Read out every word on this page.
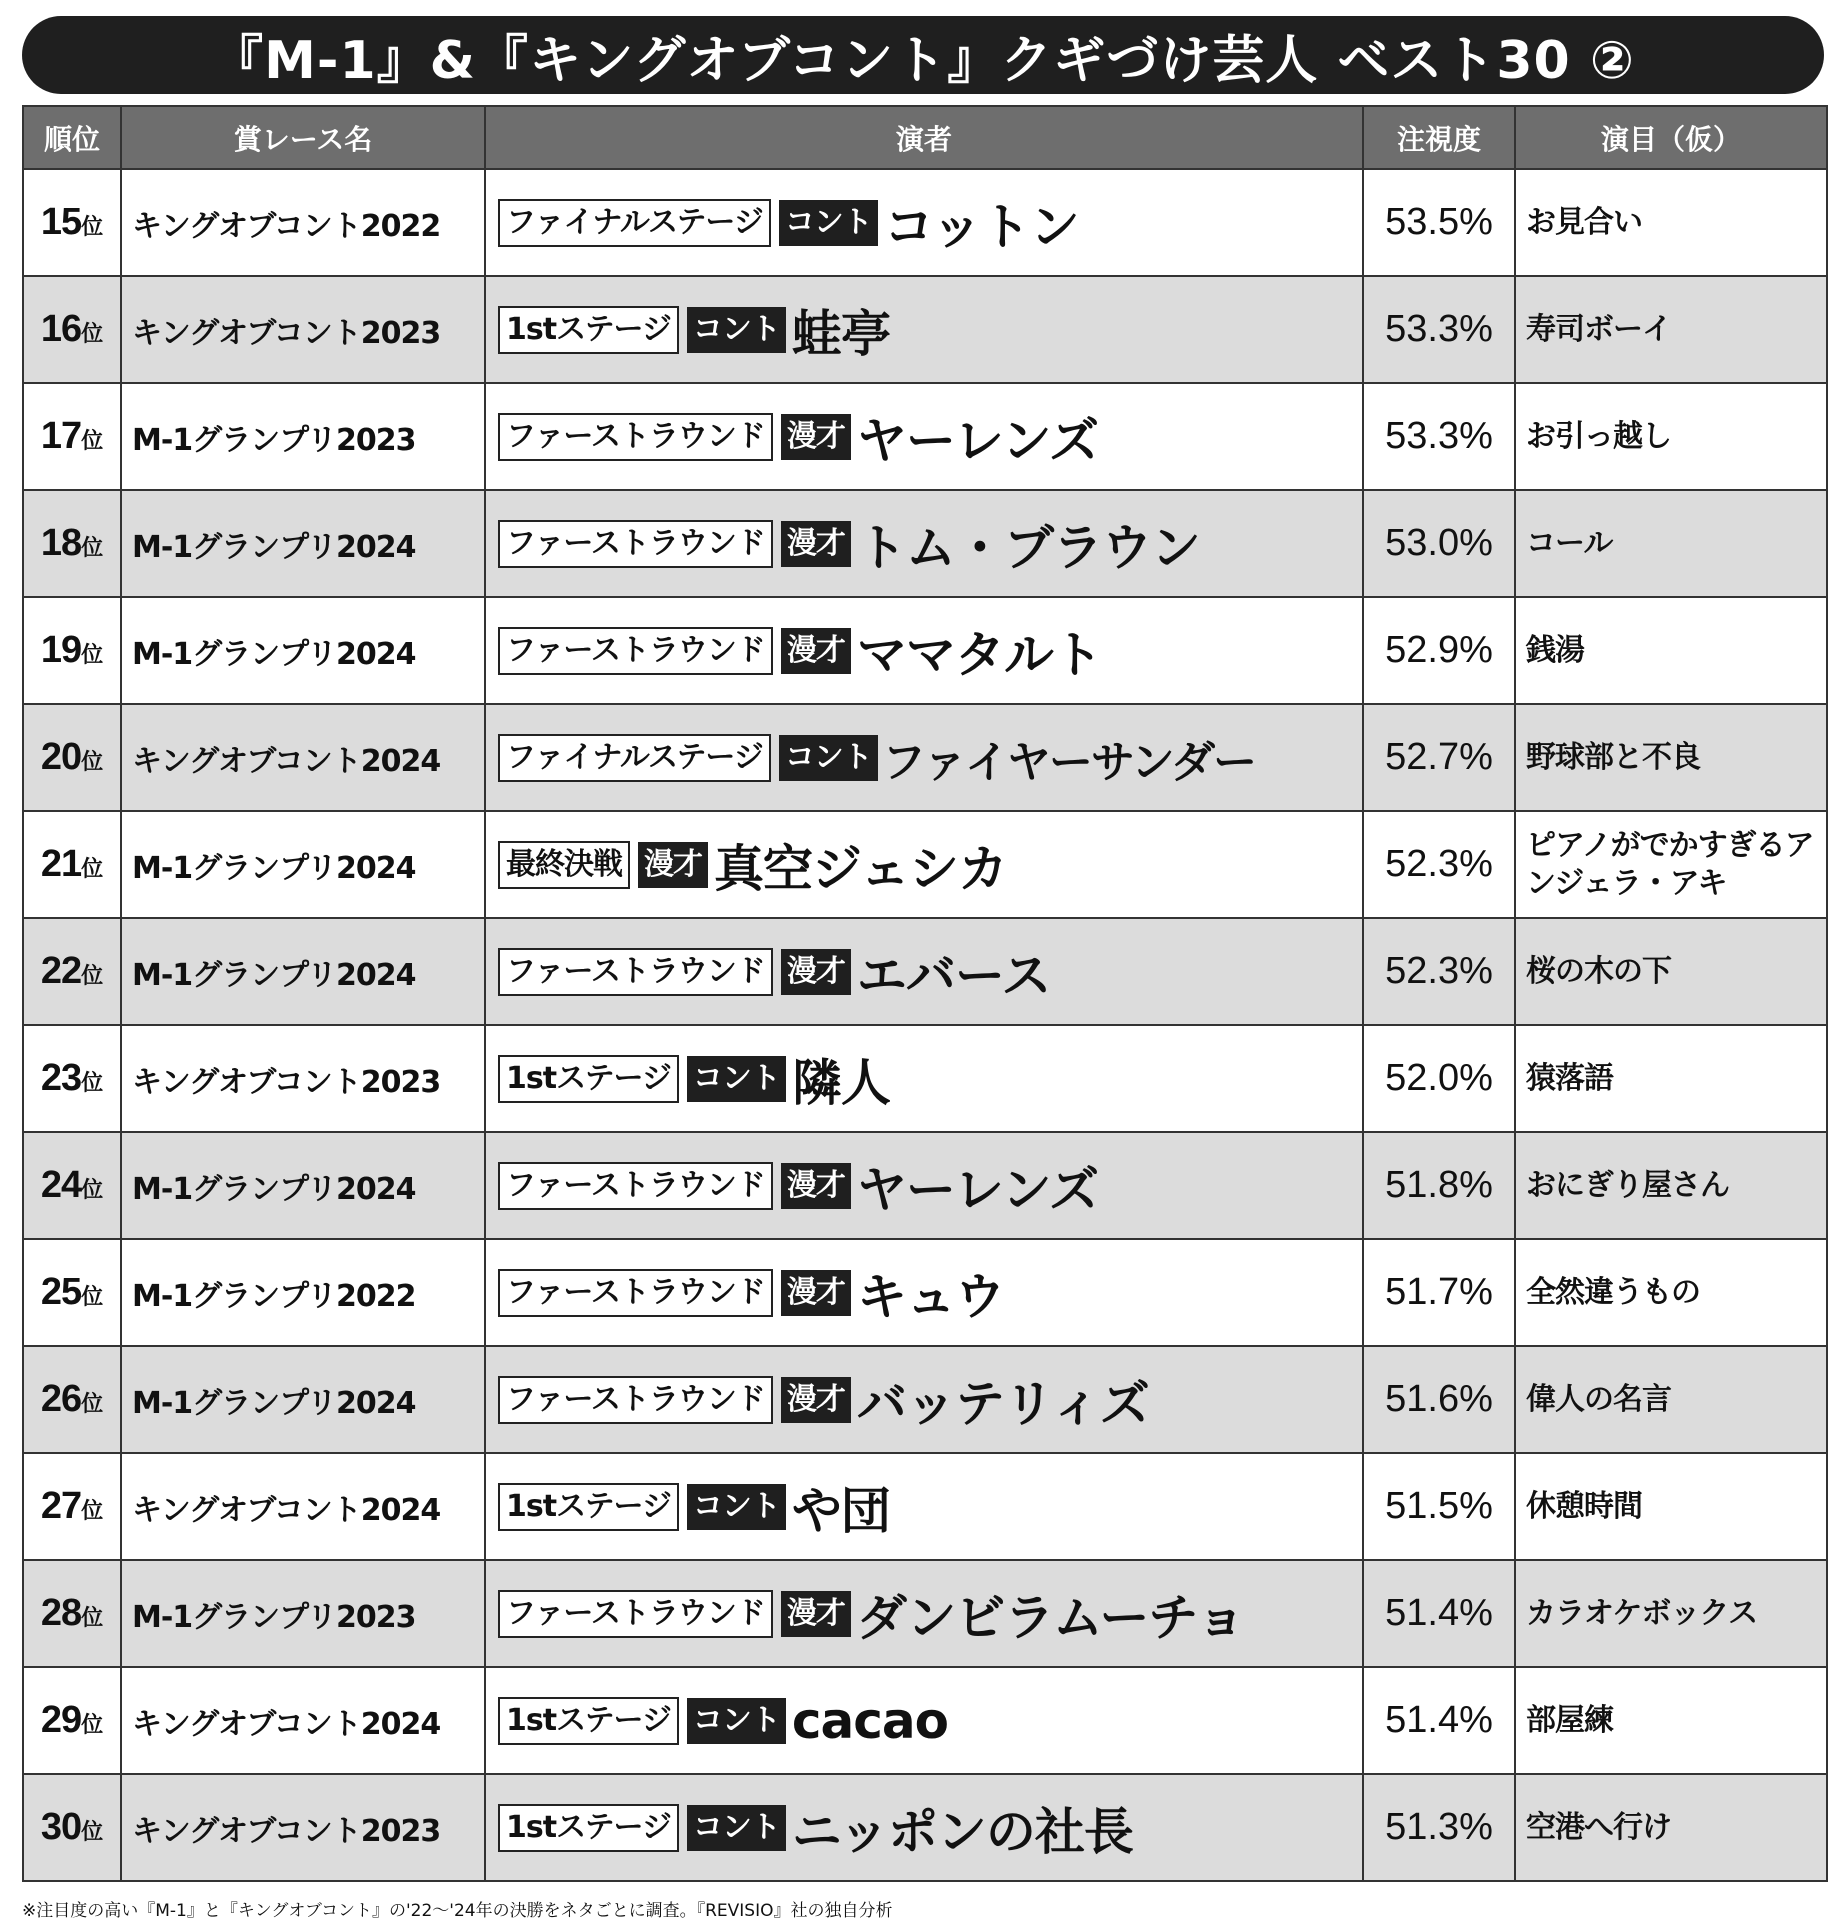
『M-1』&『キングオブコント』クギづけ芸人 ベスト30 ②
順位	賞レース名	演者	注視度	演目（仮）
15位	キングオブコント2022	ファイナルステージ コント コットン	53.5%	お見合い
16位	キングオブコント2023	1stステージ コント 蛙亭	53.3%	寿司ボーイ
17位	M-1グランプリ2023	ファーストラウンド 漫才 ヤーレンズ	53.3%	お引っ越し
18位	M-1グランプリ2024	ファーストラウンド 漫才 トム・ブラウン	53.0%	コール
19位	M-1グランプリ2024	ファーストラウンド 漫才 ママタルト	52.9%	銭湯
20位	キングオブコント2024	ファイナルステージ コント ファイヤーサンダー	52.7%	野球部と不良
21位	M-1グランプリ2024	最終決戦 漫才 真空ジェシカ	52.3%	ピアノがでかすぎるアンジェラ・アキ
22位	M-1グランプリ2024	ファーストラウンド 漫才 エバース	52.3%	桜の木の下
23位	キングオブコント2023	1stステージ コント 隣人	52.0%	猿落語
24位	M-1グランプリ2024	ファーストラウンド 漫才 ヤーレンズ	51.8%	おにぎり屋さん
25位	M-1グランプリ2022	ファーストラウンド 漫才 キュウ	51.7%	全然違うもの
26位	M-1グランプリ2024	ファーストラウンド 漫才 バッテリィズ	51.6%	偉人の名言
27位	キングオブコント2024	1stステージ コント や団	51.5%	休憩時間
28位	M-1グランプリ2023	ファーストラウンド 漫才 ダンビラムーチョ	51.4%	カラオケボックス
29位	キングオブコント2024	1stステージ コント cacao	51.4%	部屋練
30位	キングオブコント2023	1stステージ コント ニッポンの社長	51.3%	空港へ行け
※注目度の高い『M-1』と『キングオブコント』の'22〜'24年の決勝をネタごとに調査。『REVISIO』社の独自分析
